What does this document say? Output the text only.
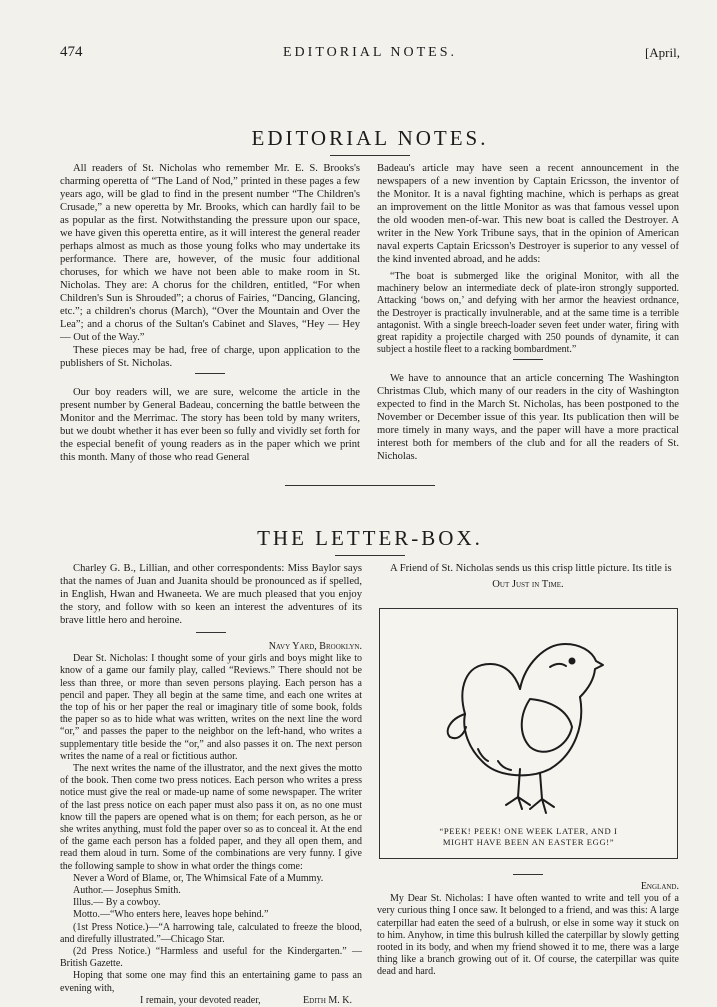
474	EDITORIAL NOTES.	[April,
EDITORIAL NOTES.

All readers of St. Nicholas who remember Mr. E. S. Brooks's charming operetta of “The Land of Nod,” printed in these pages a few years ago, will be glad to find in the present number “The Children's Crusade,” a new operetta by Mr. Brooks, which can hardly fail to be as popular as the first. Notwithstanding the pressure upon our space, we have given this operetta entire, as it will interest the general reader perhaps almost as much as those young folks who may undertake its performance. There are, however, of the music four additional choruses, for which we have not been able to make room in St. Nicholas. They are: A chorus for the children, entitled, “For when Children's Sun is Shrouded”; a chorus of Fairies, “Dancing, Glancing, etc.”; a children's chorus (March), “Over the Mountain and Over the Lea”; and a chorus of the Sultan's Cabinet and Slaves, “Hey — Hey — Out of the Way.”

These pieces may be had, free of charge, upon application to the publishers of St. Nicholas.

Our boy readers will, we are sure, welcome the article in the present number by General Badeau, concerning the battle between the Monitor and the Merrimac. The story has been told by many writers, but we doubt whether it has ever been so fully and vividly set forth for the especial benefit of young readers as in the paper which we print this month. Many of those who read General

Badeau's article may have seen a recent announcement in the newspapers of a new invention by Captain Ericsson, the inventor of the Monitor. It is a naval fighting machine, which is perhaps as great an improvement on the little Monitor as was that famous vessel upon the old wooden men-of-war. This new boat is called the Destroyer. A writer in the New York Tribune says, that in the opinion of American naval experts Captain Ericsson's Destroyer is superior to any vessel of the kind invented abroad, and he adds:

“The boat is submerged like the original Monitor, with all the machinery below an intermediate deck of plate-iron strongly supported. Attacking ‘bows on,’ and defying with her armor the heaviest ordnance, the Destroyer is practically invulnerable, and at the same time is a terrible antagonist. With a single breech-loader seven feet under water, firing with great rapidity a projectile charged with 250 pounds of dynamite, it can subject a hostile fleet to a racking bombardment.”

We have to announce that an article concerning The Washington Christmas Club, which many of our readers in the city of Washington expected to find in the March St. Nicholas, has been postponed to the November or December issue of this year. Its publication then will be more timely in many ways, and the paper will have a more practical interest both for members of the club and for all the readers of St. Nicholas.

THE LETTER-BOX.

Charley G. B., Lillian, and other correspondents: Miss Baylor says that the names of Juan and Juanita should be pronounced as if spelled, in English, Hwan and Hwaneeta. We are much pleased that you enjoy the story, and follow with so keen an interest the adventures of its brave little hero and heroine.

Navy Yard, Brooklyn.

Dear St. Nicholas: I thought some of your girls and boys might like to know of a game our family play, called “Reviews.” There should not be less than three, or more than seven persons playing. Each person has a pencil and paper. They all begin at the same time, and each one writes at the top of his or her paper the real or imaginary title of some book, folds the paper so as to hide what was written, writes on the next line the word “or,” and passes the paper to the neighbor on the left-hand, who writes a supplementary title beside the “or,” and also passes it on. The next person writes the name of a real or fictitious author.

The next writes the name of the illustrator, and the next gives the motto of the book. Then come two press notices. Each person who writes a press notice must give the real or made-up name of some newspaper. The writer of the last press notice on each paper must also pass it on, as no one must know till the papers are opened what is on them; for each person, as he or she writes anything, must fold the paper over so as to conceal it. At the end of the game each person has a folded paper, and they all open them, and read them aloud in turn. Some of the combinations are very funny. I give the following sample to show in what order the things come:

Never a Word of Blame, or, The Whimsical Fate of a Mummy.

Author.— Josephus Smith.

Illus.— By a cowboy.

Motto.—“Who enters here, leaves hope behind.”

(1st Press Notice.)—“A harrowing tale, calculated to freeze the blood, and direfully illustrated.”—Chicago Star.

(2d Press Notice.) “Harmless and useful for the Kindergarten.” —British Gazette.

Hoping that some one may find this an entertaining game to pass an evening with,

I remain, your devoted reader,	Edith M. K.

A Friend of St. Nicholas sends us this crisp little picture. Its title is

Out Just in Time.
“PEEK! PEEK! ONE WEEK LATER, AND I
MIGHT HAVE BEEN AN EASTER EGG!”
England.

My Dear St. Nicholas: I have often wanted to write and tell you of a very curious thing I once saw. It belonged to a friend, and was this: A large caterpillar had eaten the seed of a bulrush, or else in some way it stuck on to him. Anyhow, in time this bulrush killed the caterpillar by slowly getting rooted in its body, and when my friend showed it to me, there was a large thing like a branch growing out of it. Of course, the caterpillar was quite dead and hard.
